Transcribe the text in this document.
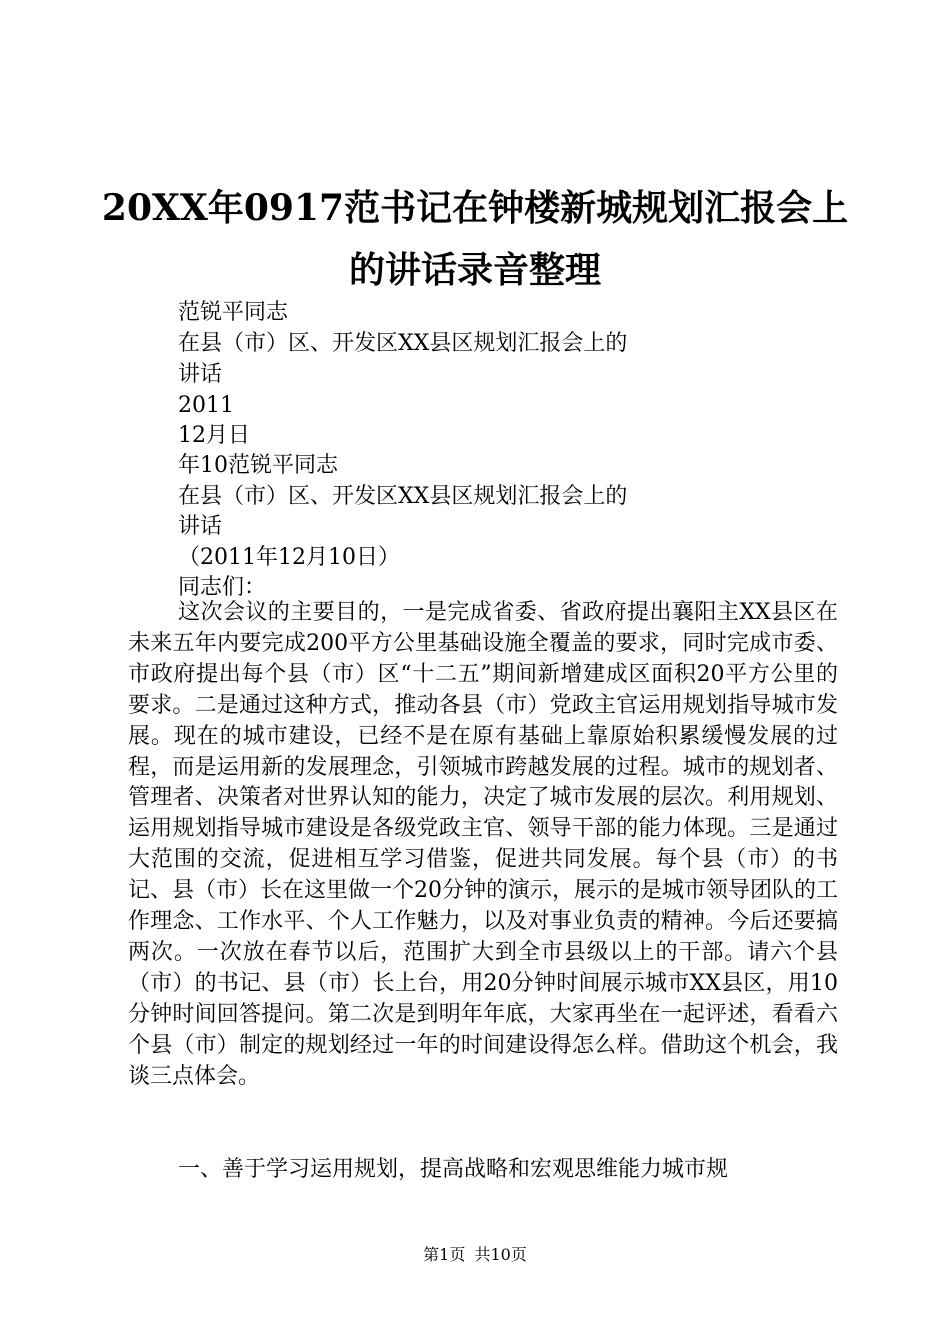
20XX年0917范书记在钟楼新城规划汇报会上
的讲话录音整理
范锐平同志
在县（市）区、开发区XX县区规划汇报会上的
讲话
2011
12月日
年10范锐平同志
在县（市）区、开发区XX县区规划汇报会上的
讲话
（2011年12月10日）
同志们：

这次会议的主要目的，一是完成省委、省政府提出襄阳主XX县区在未来五年内要完成200平方公里基础设施全覆盖的要求，同时完成市委、市政府提出每个县（市）区“十二五”期间新增建成区面积20平方公里的要求。二是通过这种方式，推动各县（市）党政主官运用规划指导城市发展。现在的城市建设，已经不是在原有基础上靠原始积累缓慢发展的过程，而是运用新的发展理念，引领城市跨越发展的过程。城市的规划者、管理者、决策者对世界认知的能力，决定了城市发展的层次。利用规划、运用规划指导城市建设是各级党政主官、领导干部的能力体现。三是通过大范围的交流，促进相互学习借鉴，促进共同发展。每个县（市）的书记、县（市）长在这里做一个20分钟的演示，展示的是城市领导团队的工作理念、工作水平、个人工作魅力，以及对事业负责的精神。今后还要搞两次。一次放在春节以后，范围扩大到全市县级以上的干部。请六个县（市）的书记、县（市）长上台，用20分钟时间展示城市XX县区，用10分钟时间回答提问。第二次是到明年年底，大家再坐在一起评述，看看六个县（市）制定的规划经过一年的时间建设得怎么样。借助这个机会，我谈三点体会。

一、善于学习运用规划，提高战略和宏观思维能力城市规

第1页 共10页
